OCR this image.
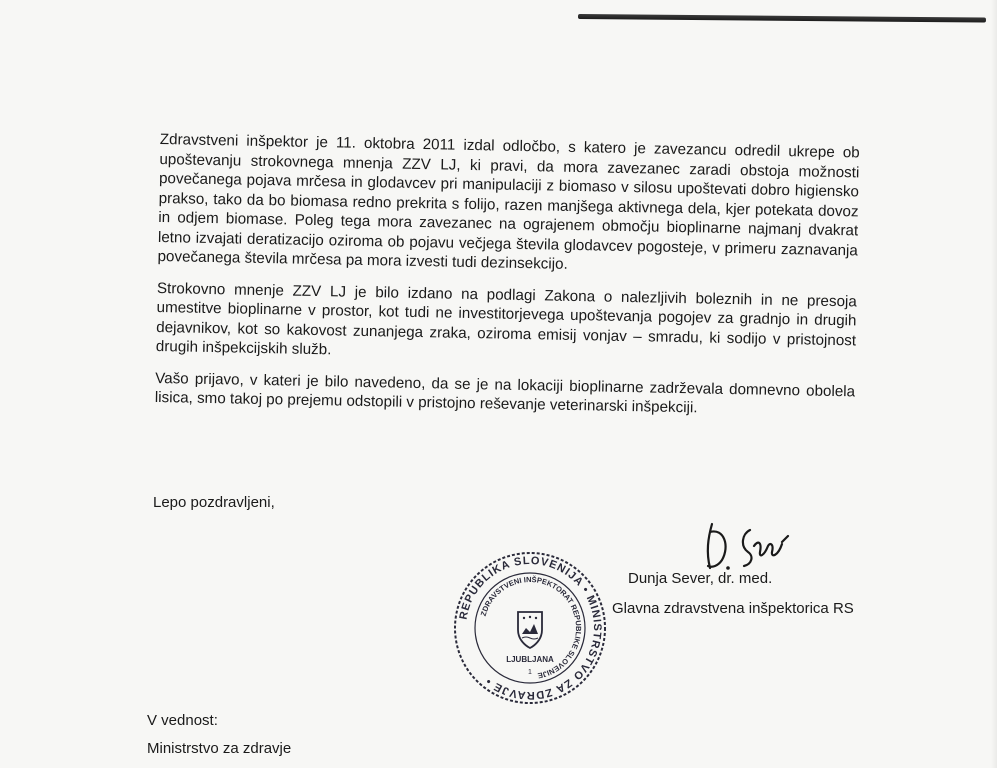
Zdravstveni inšpektor je 11. oktobra 2011 izdal odločbo, s katero je zavezancu odredil ukrepe ob upoštevanju strokovnega mnenja ZZV LJ, ki pravi, da mora zavezanec zaradi obstoja možnosti povečanega pojava mrčesa in glodavcev pri manipulaciji z biomaso v silosu upoštevati dobro higiensko prakso, tako da bo biomasa redno prekrita s folijo, razen manjšega aktivnega dela, kjer potekata dovoz in odjem biomase. Poleg tega mora zavezanec na ograjenem območju bioplinarne najmanj dvakrat letno izvajati deratizacijo oziroma ob pojavu večjega števila glodavcev pogosteje, v primeru zaznavanja povečanega števila mrčesa pa mora izvesti tudi dezinsekcijo.

Strokovno mnenje ZZV LJ je bilo izdano na podlagi Zakona o nalezljivih boleznih in ne presoja umestitve bioplinarne v prostor, kot tudi ne investitorjevega upoštevanja pogojev za gradnjo in drugih dejavnikov, kot so kakovost zunanjega zraka, oziroma emisij vonjav – smradu, ki sodijo v pristojnost drugih inšpekcijskih služb.

Vašo prijavo, v kateri je bilo navedeno, da se je na lokaciji bioplinarne zadrževala domnevno obolela lisica, smo takoj po prejemu odstopili v pristojno reševanje veterinarski inšpekciji.

Lepo pozdravljeni,
REPUBLIKA SLOVENIJA • MINISTRSTVO ZA ZDRAVJE •
ZDRAVSTVENI INŠPEKTORAT REPUBLIKE SLOVENIJE
LJUBLJANA
1
Dunja Sever, dr. med.
Glavna zdravstvena inšpektorica RS
V vednost:
Ministrstvo za zdravje
